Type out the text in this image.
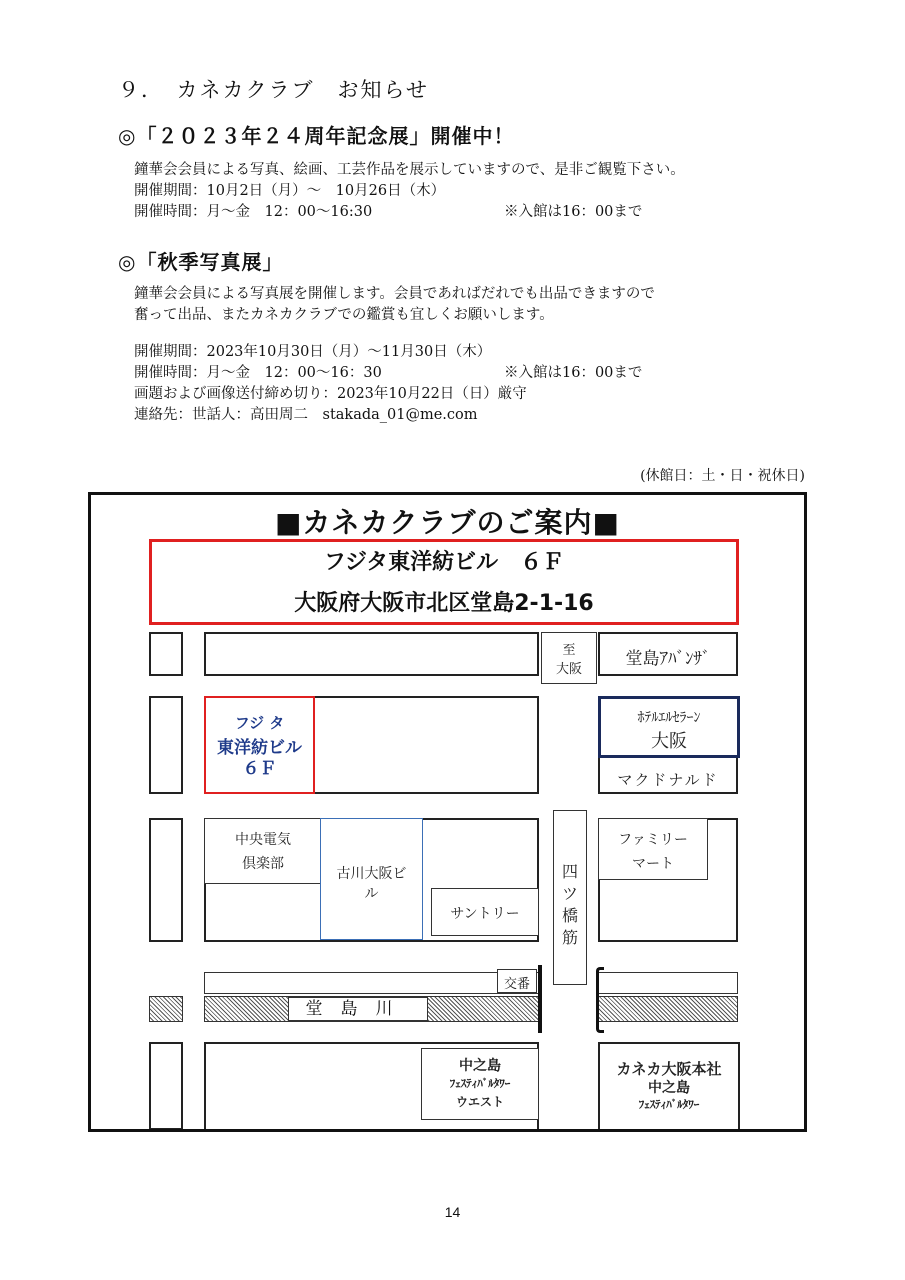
９．　カネカクラブ　お知らせ
◎「２０２３年２４周年記念展」開催中！
鐘華会会員による写真、絵画、工芸作品を展示していますので、是非ご観覧下さい。
開催期間：10月2日（月）～　10月26日（木）
開催時間：月～金　12：00～16:30	※入館は16：00まで
◎「秋季写真展」
鐘華会会員による写真展を開催します。会員であればだれでも出品できますので
奮って出品、またカネカクラブでの鑑賞も宜しくお願いします。
開催期間：2023年10月30日（月）～11月30日（木）
開催時間：月～金　12：00～16：30	※入館は16：00まで
画題および画像送付締め切り：2023年10月22日（日）厳守
連絡先：世話人：高田周二　stakada_01@me.com
(休館日：土・日・祝休日)
■カネカクラブのご案内■
フジタ東洋紡ビル　６Ｆ
大阪府大阪市北区堂島2-1-16
至
大阪
堂島ｱﾊﾞﾝｻﾞ
フジ タ
東洋紡ビル
６Ｆ
ﾎﾃﾙｴﾙｾﾗｰﾝ
大阪
マクドナルド
中央電気
倶楽部
古川大阪ビ
ル
サントリー
四
ツ
橋
筋
ファミリー
マート
交番
堂島川
中之島
ﾌｪｽﾃｨﾊﾞﾙﾀﾜｰ
ウエスト
カネカ大阪本社
中之島
ﾌｪｽﾃｨﾊﾞﾙﾀﾜｰ
14
